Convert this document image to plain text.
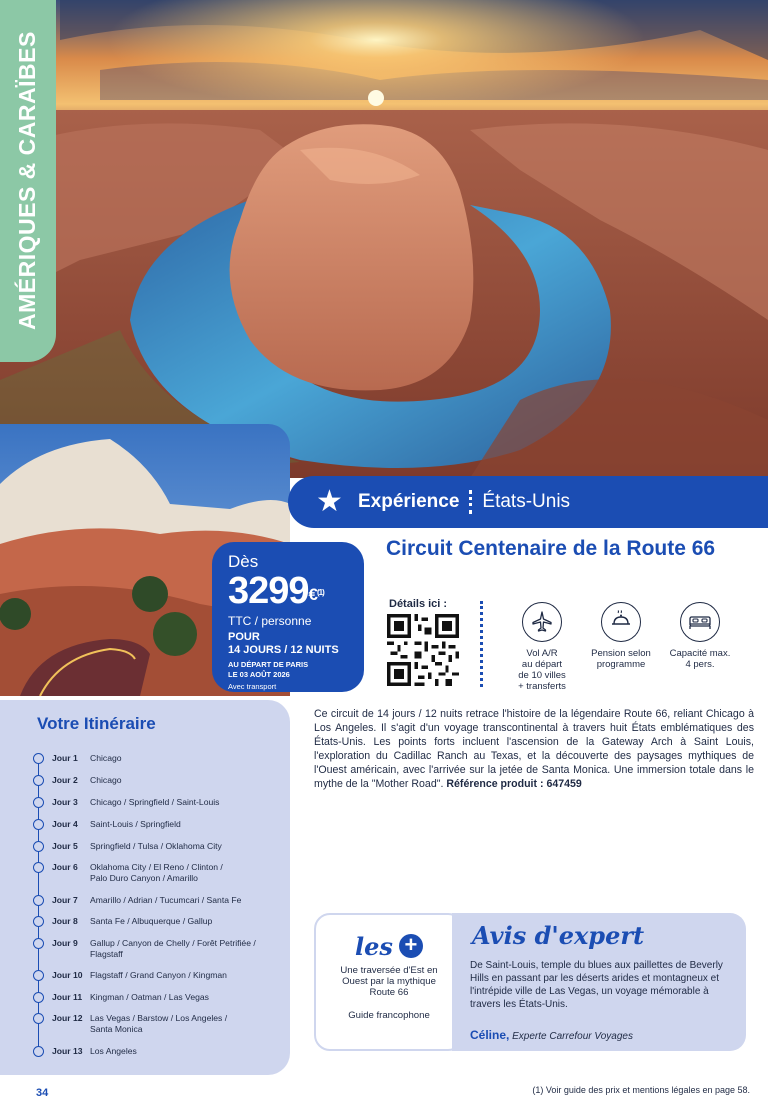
AMÉRIQUES & CARAÏBES
★ Expérience États-Unis
Circuit Centenaire de la Route 66
Dès
3299$^{€(1)}$
TTC / personne
POUR
14 JOURS / 12 NUITS
AU DÉPART DE PARIS
LE 03 AOÛT 2026
Avec transport
Détails ici :
Vol A/R
au départ
de 10 villes
+ transferts
Pension selon
programme
Capacité max.
4 pers.
Ce circuit de 14 jours / 12 nuits retrace l'histoire de la légendaire Route 66, reliant Chicago à Los Angeles. Il s'agit d'un voyage transcontinental à travers huit États emblématiques des États-Unis. Les points forts incluent l'ascension de la Gateway Arch à Saint Louis, l'exploration du Cadillac Ranch au Texas, et la découverte des paysages mythiques de l'Ouest américain, avec l'arrivée sur la jetée de Santa Monica. Une immersion totale dans le mythe de la "Mother Road". Référence produit : 647459
Votre Itinéraire
Jour 1	Chicago
Jour 2	Chicago
Jour 3	Chicago / Springfield / Saint-Louis
Jour 4	Saint-Louis / Springfield
Jour 5	Springfield / Tulsa / Oklahoma City
Jour 6	Oklahoma City / El Reno / Clinton / Palo Duro Canyon / Amarillo
Jour 7	Amarillo / Adrian / Tucumcari / Santa Fe
Jour 8	Santa Fe / Albuquerque / Gallup
Jour 9	Gallup / Canyon de Chelly / Forêt Petrifiée / Flagstaff
Jour 10 Flagstaff / Grand Canyon / Kingman
Jour 11 Kingman / Oatman / Las Vegas
Jour 12 Las Vegas / Barstow / Los Angeles / Santa Monica
Jour 13 Los Angeles
les +
Une traversée d'Est en Ouest par la mythique Route 66
Guide francophone
Avis d'expert
De Saint-Louis, temple du blues aux paillettes de Beverly Hills en passant par les déserts arides et montagneux et l'intrépide ville de Las Vegas, un voyage mémorable à travers les États-Unis.
Céline, Experte Carrefour Voyages
34	(1) Voir guide des prix et mentions légales en page 58.
